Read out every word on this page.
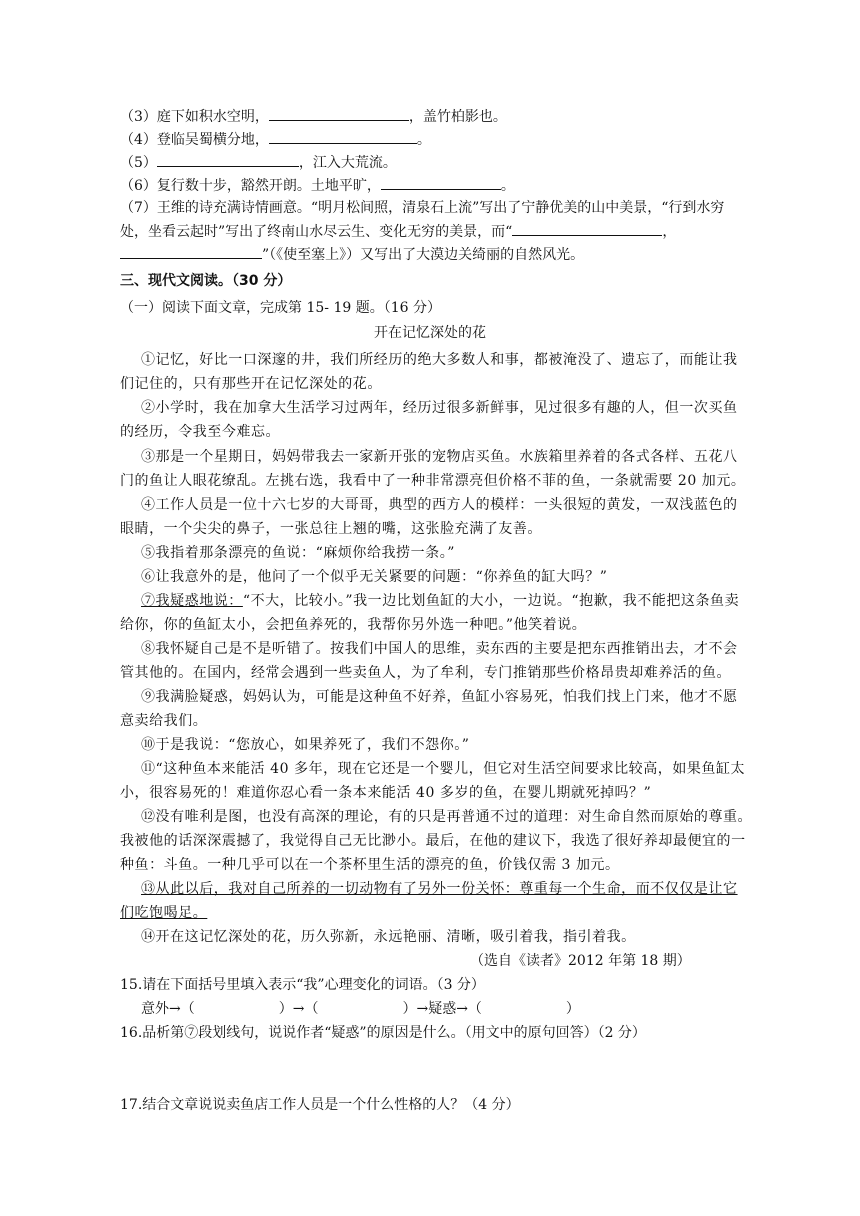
（3）庭下如积水空明，	，盖竹柏影也。
（4）登临吴蜀横分地，	。
（5）	，江入大荒流。
（6）复行数十步，豁然开朗。土地平旷，	。
（7）王维的诗充满诗情画意。“明月松间照，清泉石上流”写出了宁静优美的山中美景，“行到水穷
处，坐看云起时”写出了终南山水尽云生、变化无穷的美景，而“	，
”（《使至塞上》）又写出了大漠边关绮丽的自然风光。
三、现代文阅读。（30 分）
（一）阅读下面文章，完成第 15- 19 题。（16 分）
开在记忆深处的花
①记忆，好比一口深邃的井，我们所经历的绝大多数人和事，都被淹没了、遗忘了，而能让我
们记住的，只有那些开在记忆深处的花。
②小学时，我在加拿大生活学习过两年，经历过很多新鲜事，见过很多有趣的人，但一次买鱼
的经历，令我至今难忘。
③那是一个星期日，妈妈带我去一家新开张的宠物店买鱼。水族箱里养着的各式各样、五花八
门的鱼让人眼花缭乱。左挑右选，我看中了一种非常漂亮但价格不菲的鱼，一条就需要 20 加元。
④工作人员是一位十六七岁的大哥哥，典型的西方人的模样：一头很短的黄发，一双浅蓝色的
眼睛，一个尖尖的鼻子，一张总往上翘的嘴，这张脸充满了友善。
⑤我指着那条漂亮的鱼说：“麻烦你给我捞一条。”
⑥让我意外的是，他问了一个似乎无关紧要的问题：“你养鱼的缸大吗？”
⑦我疑惑地说：“不大，比较小。”我一边比划鱼缸的大小，一边说。“抱歉，我不能把这条鱼卖
给你，你的鱼缸太小，会把鱼养死的，我帮你另外选一种吧。”他笑着说。
⑧我怀疑自己是不是听错了。按我们中国人的思维，卖东西的主要是把东西推销出去，才不会
管其他的。在国内，经常会遇到一些卖鱼人，为了牟利，专门推销那些价格昂贵却难养活的鱼。
⑨我满脸疑惑，妈妈认为，可能是这种鱼不好养，鱼缸小容易死，怕我们找上门来，他才不愿
意卖给我们。
⑩于是我说：“您放心，如果养死了，我们不怨你。”
⑪“这种鱼本来能活 40 多年，现在它还是一个婴儿，但它对生活空间要求比较高，如果鱼缸太
小，很容易死的！难道你忍心看一条本来能活 40 多岁的鱼，在婴儿期就死掉吗？”
⑫没有唯利是图，也没有高深的理论，有的只是再普通不过的道理：对生命自然而原始的尊重。
我被他的话深深震撼了，我觉得自己无比渺小。最后，在他的建议下，我选了很好养却最便宜的一
种鱼：斗鱼。一种几乎可以在一个茶杯里生活的漂亮的鱼，价钱仅需 3 加元。
⑬从此以后，我对自己所养的一切动物有了另外一份关怀：尊重每一个生命，而不仅仅是让它
们吃饱喝足。
⑭开在这记忆深处的花，历久弥新，永远艳丽、清晰，吸引着我，指引着我。
（选自《读者》2012 年第 18 期）
15.请在下面括号里填入表示“我”心理变化的词语。（3 分）
意外→（　　　　　　）→（　　　　　　）→疑惑→（　　　　　　）
16.品析第⑦段划线句，说说作者“疑惑”的原因是什么。（用文中的原句回答）（2 分）
17.结合文章说说卖鱼店工作人员是一个什么性格的人？（4 分）
